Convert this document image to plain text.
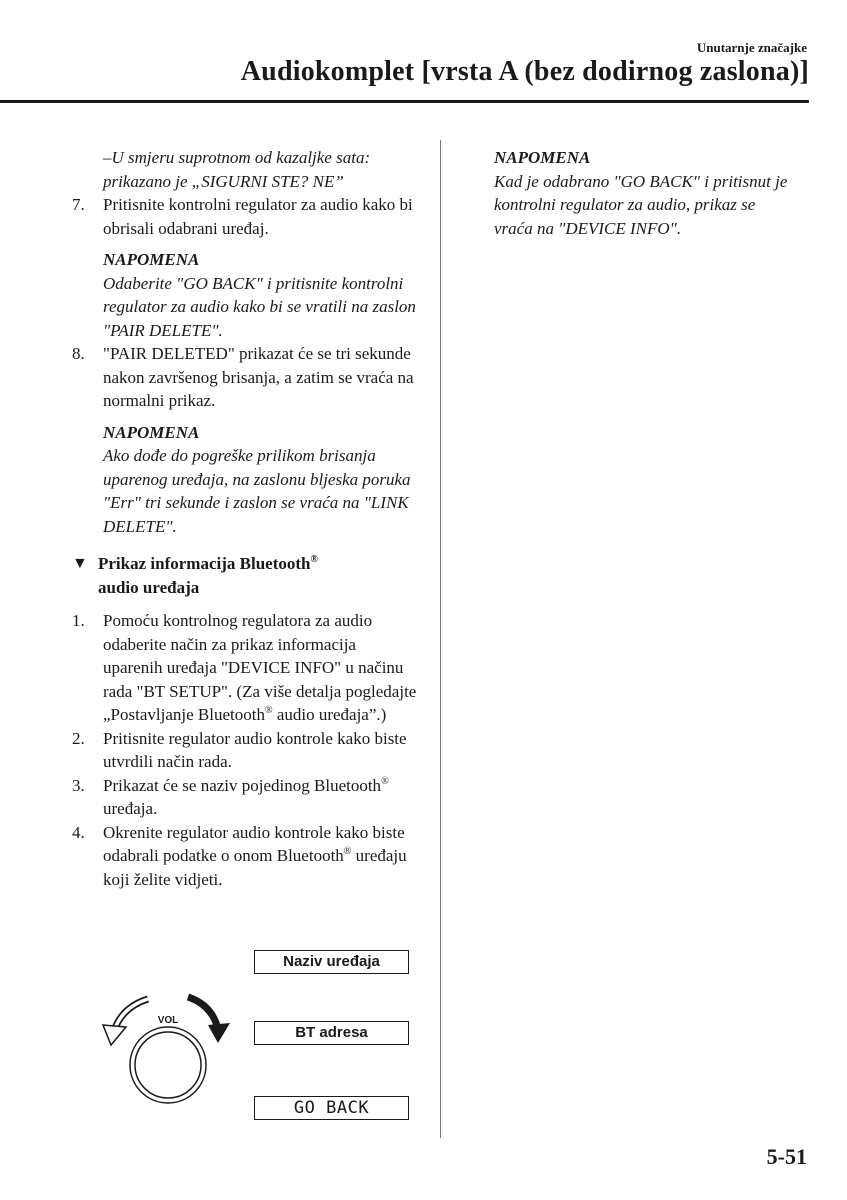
Unutarnje značajke
Audiokomplet [vrsta A (bez dodirnog zaslona)]
–U smjeru suprotnom od kazaljke sata:
prikazano je „SIGURNI STE? NE”
7.	Pritisnite kontrolni regulator za audio kako bi obrisali odabrani uređaj.
NAPOMENA
Odaberite "GO BACK" i pritisnite kontrolni regulator za audio kako bi se vratili na zaslon "PAIR DELETE".
8.	"PAIR DELETED" prikazat će se tri sekunde nakon završenog brisanja, a zatim se vraća na normalni prikaz.
NAPOMENA
Ako dođe do pogreške prilikom brisanja uparenog uređaja, na zaslonu bljeska poruka "Err" tri sekunde i zaslon se vraća na "LINK DELETE".
▼ Prikaz informacija Bluetooth®
audio uređaja
1.	Pomoću kontrolnog regulatora za audio odaberite način za prikaz informacija uparenih uređaja "DEVICE INFO" u načinu rada "BT SETUP". (Za više detalja pogledajte „Postavljanje Bluetooth® audio uređaja”.)
2.	Pritisnite regulator audio kontrole kako biste utvrdili način rada.
3.	Prikazat će se naziv pojedinog Bluetooth® uređaja.
4.	Okrenite regulator audio kontrole kako biste odabrali podatke o onom Bluetooth® uređaju koji želite vidjeti.
NAPOMENA
Kad je odabrano "GO BACK" i pritisnut je kontrolni regulator za audio, prikaz se vraća na "DEVICE INFO".
VOL
Naziv uređaja
BT adresa
GO BACK
5-51
